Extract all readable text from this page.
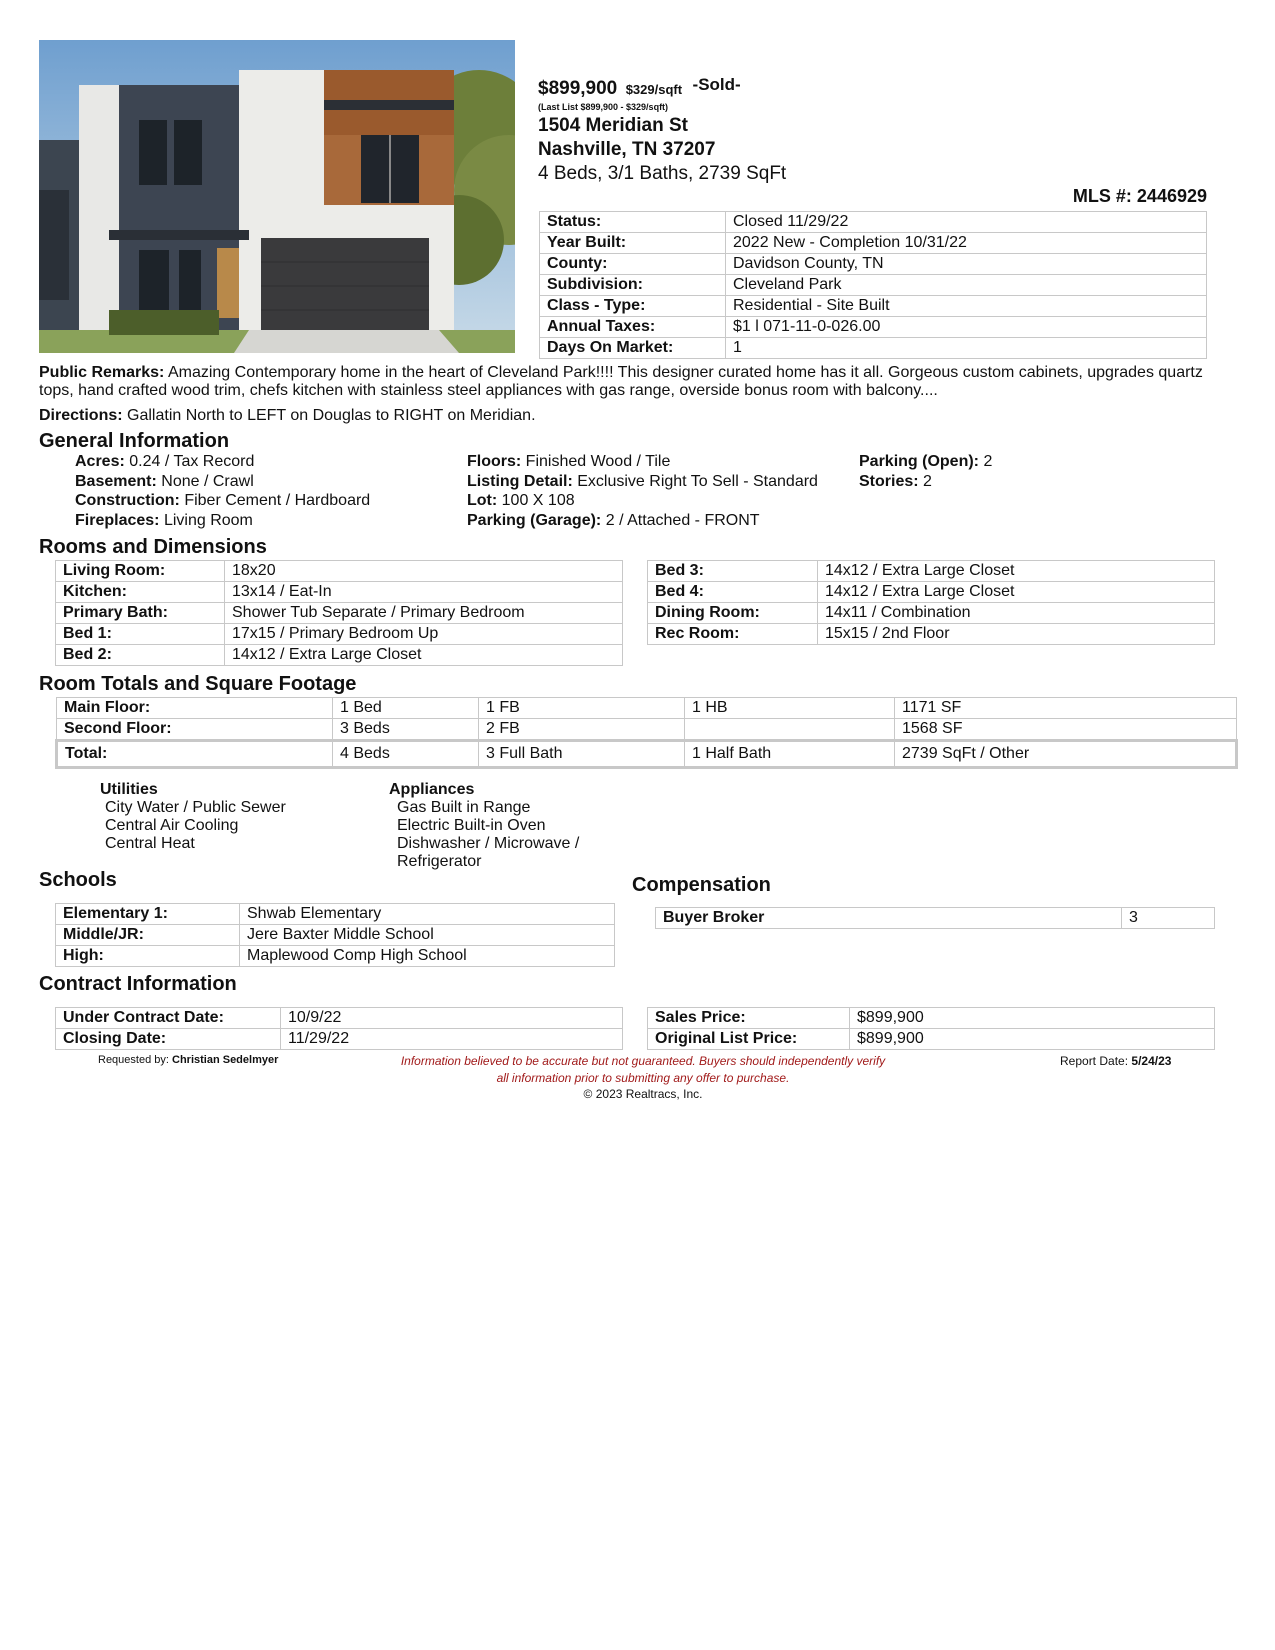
$899,900 $329/sqft -Sold-
(Last List $899,900 - $329/sqft)
1504 Meridian St
Nashville, TN 37207
4 Beds, 3/1 Baths, 2739 SqFt
MLS #: 2446929
Status:	Closed 11/29/22
Year Built:	2022 New - Completion 10/31/22
County:	Davidson County, TN
Subdivision:	Cleveland Park
Class - Type:	Residential - Site Built
Annual Taxes:	$1 l 071-11-0-026.00
Days On Market:	1
Public Remarks: Amazing Contemporary home in the heart of Cleveland Park!!!! This designer curated home has it all. Gorgeous custom cabinets, upgrades quartz tops, hand crafted wood trim, chefs kitchen with stainless steel appliances with gas range, overside bonus room with balcony....
Directions: Gallatin North to LEFT on Douglas to RIGHT on Meridian.
General Information
Acres: 0.24 / Tax Record
Basement: None / Crawl
Construction: Fiber Cement / Hardboard
Fireplaces: Living Room
Floors: Finished Wood / Tile
Listing Detail: Exclusive Right To Sell - Standard
Lot: 100 X 108
Parking (Garage): 2 / Attached - FRONT
Parking (Open): 2
Stories: 2
Rooms and Dimensions
Living Room:	18x20
Kitchen:	13x14 / Eat-In
Primary Bath:	Shower Tub Separate / Primary Bedroom
Bed 1:	17x15 / Primary Bedroom Up
Bed 2:	14x12 / Extra Large Closet
Bed 3:	14x12 / Extra Large Closet
Bed 4:	14x12 / Extra Large Closet
Dining Room:	14x11 / Combination
Rec Room:	15x15 / 2nd Floor
Room Totals and Square Footage
Main Floor:	1 Bed	1 FB	1 HB	1171 SF
Second Floor:	3 Beds	2 FB		1568 SF
Total:	4 Beds	3 Full Bath	1 Half Bath	2739 SqFt / Other
Utilities
City Water / Public Sewer
Central Air Cooling
Central Heat
Appliances
Gas Built in Range
Electric Built-in Oven
Dishwasher / Microwave /
Refrigerator
Schools
Elementary 1:	Shwab Elementary
Middle/JR:	Jere Baxter Middle School
High:	Maplewood Comp High School
Compensation
Buyer Broker	3
Contract Information
Under Contract Date:	10/9/22
Closing Date:	11/29/22
Sales Price:	$899,900
Original List Price:	$899,900
Requested by: Christian Sedelmyer	Information believed to be accurate but not guaranteed. Buyers should independently verify all information prior to submitting any offer to purchase.
© 2023 Realtracs, Inc.
Report Date: 5/24/23
